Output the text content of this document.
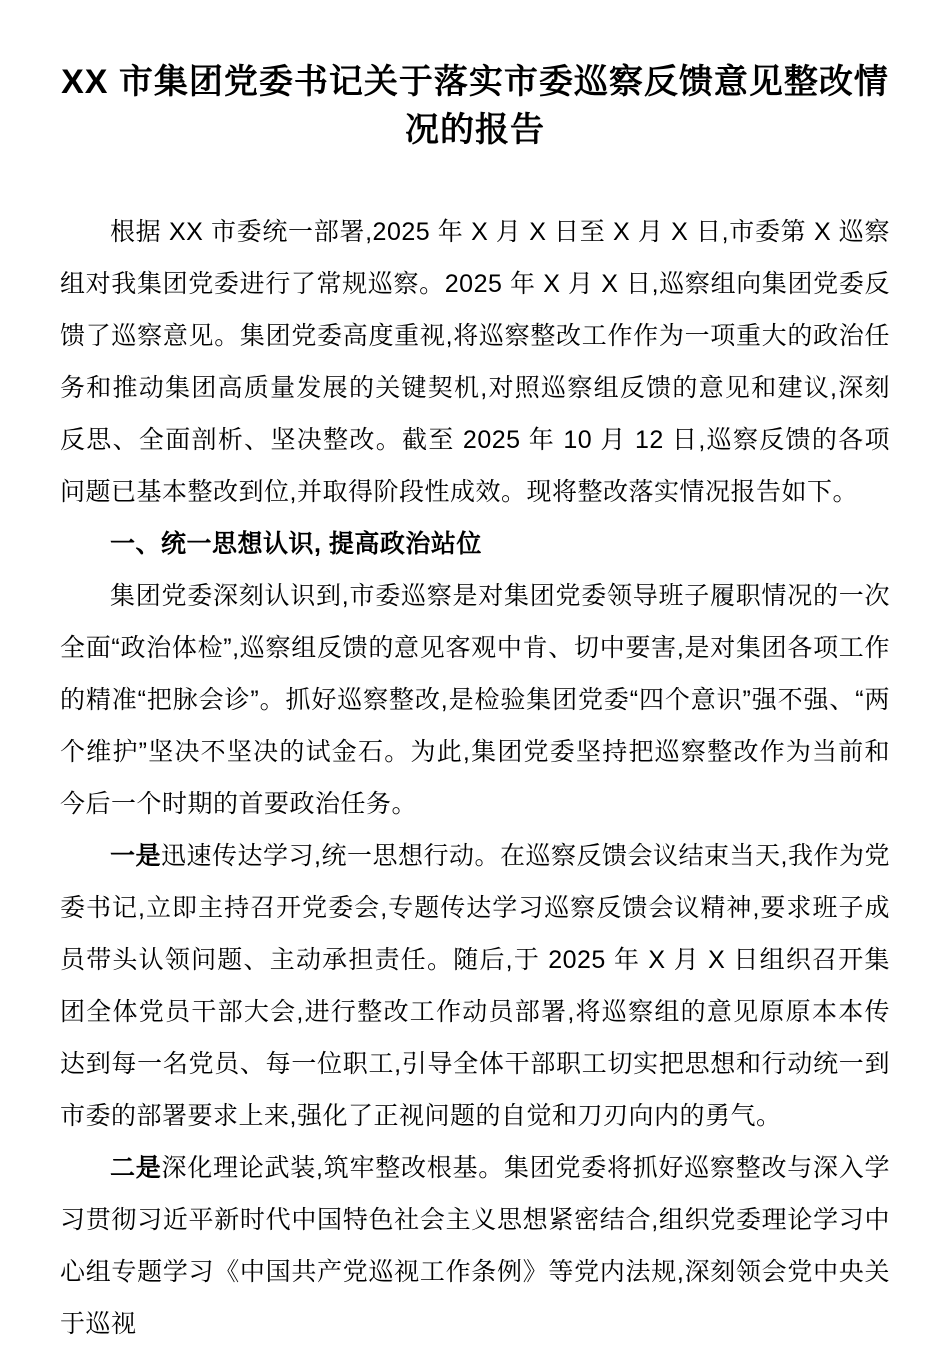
XX 市集团党委书记关于落实市委巡察反馈意见整改情况的报告

根据 XX 市委统一部署,2025 年 X 月 X 日至 X 月 X 日,市委第 X 巡察组对我集团党委进行了常规巡察。2025 年 X 月 X 日,巡察组向集团党委反馈了巡察意见。集团党委高度重视,将巡察整改工作作为一项重大的政治任务和推动集团高质量发展的关键契机,对照巡察组反馈的意见和建议,深刻反思、全面剖析、坚决整改。截至 2025 年 10 月 12 日,巡察反馈的各项问题已基本整改到位,并取得阶段性成效。现将整改落实情况报告如下。

一、统一思想认识, 提高政治站位

集团党委深刻认识到,市委巡察是对集团党委领导班子履职情况的一次全面“政治体检”,巡察组反馈的意见客观中肯、切中要害,是对集团各项工作的精准“把脉会诊”。抓好巡察整改,是检验集团党委“四个意识”强不强、“两个维护”坚决不坚决的试金石。为此,集团党委坚持把巡察整改作为当前和今后一个时期的首要政治任务。

一是迅速传达学习,统一思想行动。在巡察反馈会议结束当天,我作为党委书记,立即主持召开党委会,专题传达学习巡察反馈会议精神,要求班子成员带头认领问题、主动承担责任。随后,于 2025 年 X 月 X 日组织召开集团全体党员干部大会,进行整改工作动员部署,将巡察组的意见原原本本传达到每一名党员、每一位职工,引导全体干部职工切实把思想和行动统一到市委的部署要求上来,强化了正视问题的自觉和刀刃向内的勇气。

二是深化理论武装,筑牢整改根基。集团党委将抓好巡察整改与深入学习贯彻习近平新时代中国特色社会主义思想紧密结合,组织党委理论学习中心组专题学习《中国共产党巡视工作条例》等党内法规,深刻领会党中央关于巡视
